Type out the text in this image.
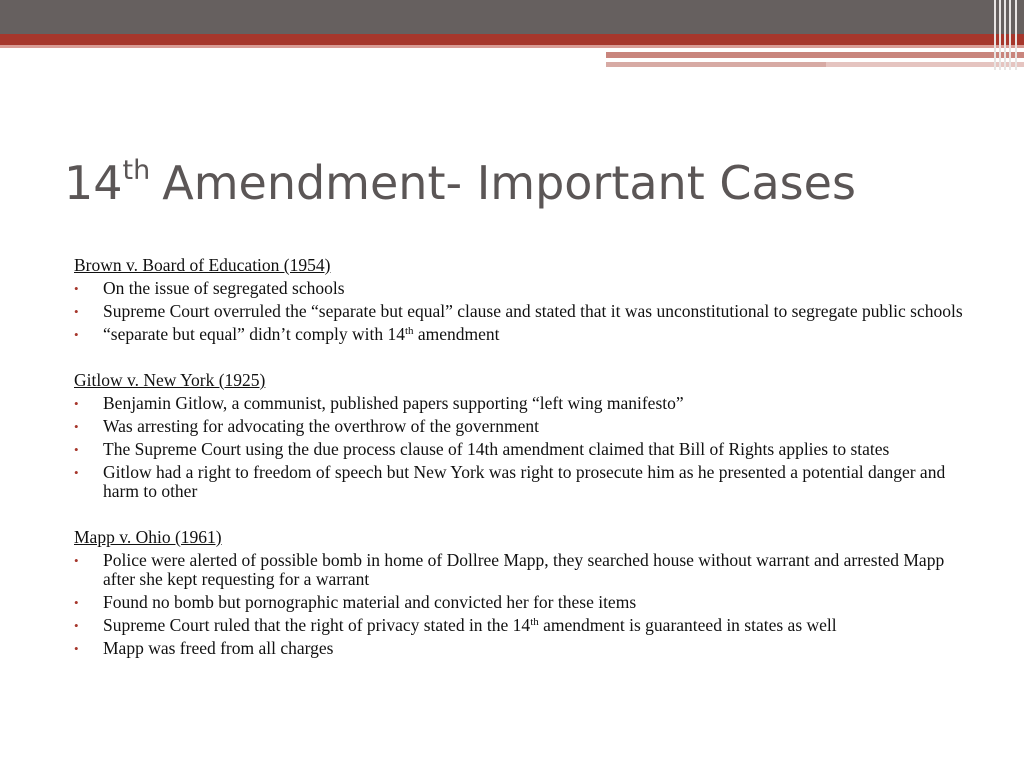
14th Amendment- Important Cases
Brown v. Board of Education (1954)
• On the issue of segregated schools
• Supreme Court overruled the “separate but equal” clause and stated that it was unconstitutional to segregate public schools
• “separate but equal” didn’t comply with 14th amendment
Gitlow v. New York (1925)
• Benjamin Gitlow, a communist, published papers supporting “left wing manifesto”
• Was arresting for advocating the overthrow of the government
• The Supreme Court using the due process clause of 14th amendment claimed that Bill of Rights applies to states
• Gitlow had a right to freedom of speech but New York was right to prosecute him as he presented a potential danger and harm to other
Mapp v. Ohio (1961)
• Police were alerted of possible bomb in home of Dollree Mapp, they searched house without warrant and arrested Mapp after she kept requesting for a warrant
• Found no bomb but pornographic material and convicted her for these items
• Supreme Court ruled that the right of privacy stated in the 14th amendment is guaranteed in states as well
• Mapp was freed from all charges
